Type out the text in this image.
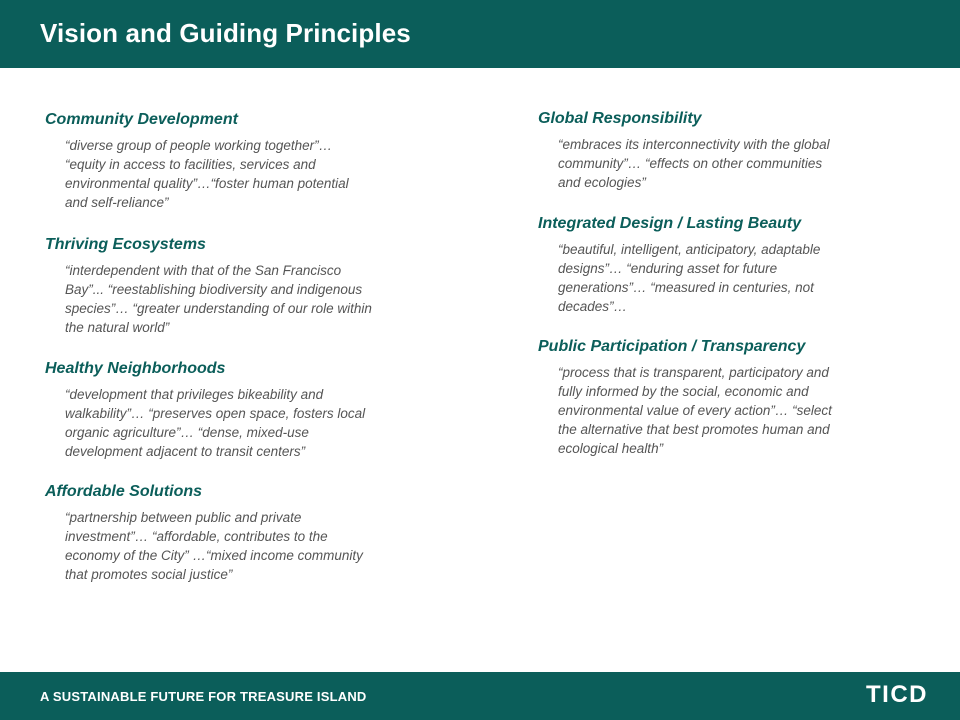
Vision and Guiding Principles
Community Development

“diverse group of people working together”…
“equity in access to facilities, services and
environmental quality”…“foster human potential
and self-reliance”

Thriving Ecosystems

“interdependent with that of the San Francisco
Bay”... “reestablishing biodiversity and indigenous
species”… “greater understanding of our role within
the natural world”

Healthy Neighborhoods

“development that privileges bikeability and
walkability”… “preserves open space, fosters local
organic agriculture”… “dense, mixed-use
development adjacent to transit centers”

Affordable Solutions

“partnership between public and private
investment”… “affordable, contributes to the
economy of the City” …“mixed income community
that promotes social justice”

Global Responsibility

“embraces its interconnectivity with the global
community”… “effects on other communities
and ecologies”

Integrated Design / Lasting Beauty

“beautiful, intelligent, anticipatory, adaptable
designs”… “enduring asset for future
generations”… “measured in centuries, not
decades”…

Public Participation / Transparency

“process that is transparent, participatory and
fully informed by the social, economic and
environmental value of every action”… “select
the alternative that best promotes human and
ecological health”

A SUSTAINABLE FUTURE FOR TREASURE ISLAND	TICD
